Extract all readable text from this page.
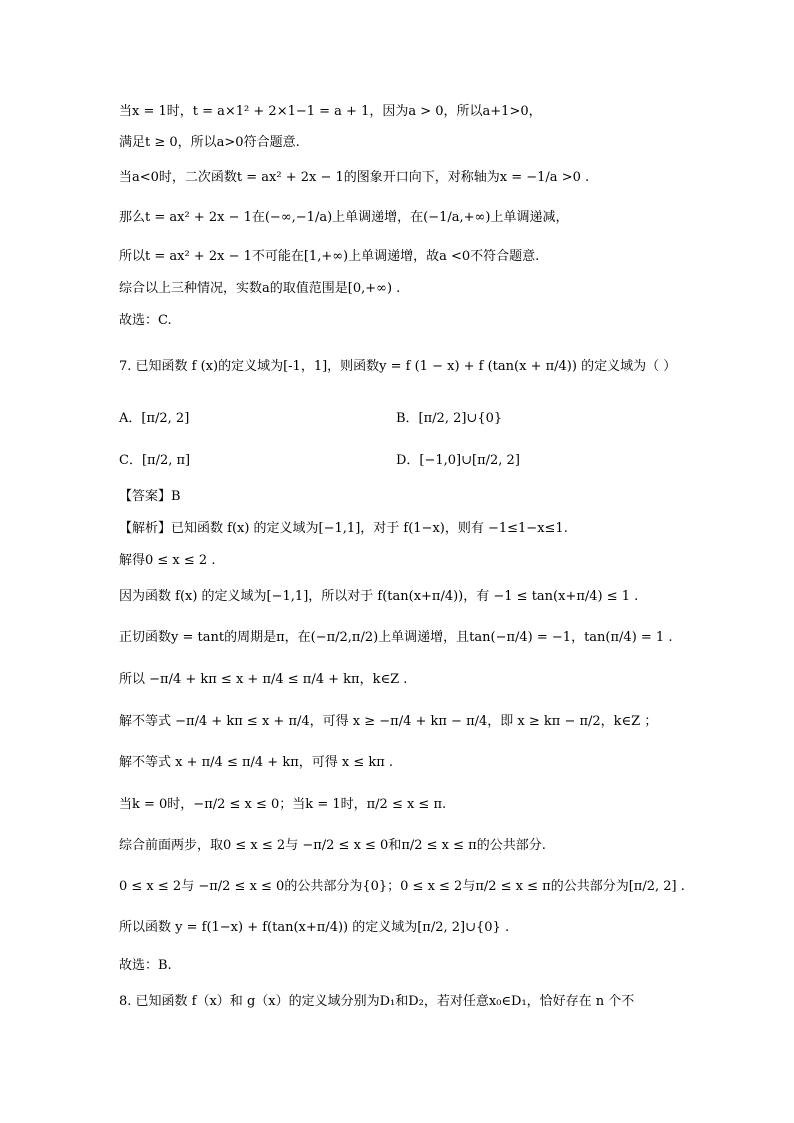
当x = 1时，t = a×1² + 2×1−1 = a + 1，因为a > 0，所以a+1>0，
满足t ≥ 0，所以a>0符合题意.
当a<0时，二次函数t = ax² + 2x − 1的图象开口向下，对称轴为x = −1/a >0 .
那么t = ax² + 2x − 1在(−∞,−1/a)上单调递增，在(−1/a,+∞)上单调递减，
所以t = ax² + 2x − 1不可能在[1,+∞)上单调递增，故a <0不符合题意.
综合以上三种情况，实数a的取值范围是[0,+∞) .
故选：C.
7. 已知函数 f (x)的定义域为[-1，1]，则函数y = f (1 − x) + f (tan(x + π/4)) 的定义域为（ ）
A．[π/2, 2]	B．[π/2, 2]∪{0}
C．[π/2, π]	D．[−1,0]∪[π/2, 2]
【答案】B
【解析】已知函数 f(x) 的定义域为[−1,1]，对于 f(1−x)，则有 −1≤1−x≤1.
解得0 ≤ x ≤ 2 .
因为函数 f(x) 的定义域为[−1,1]，所以对于 f(tan(x+π/4))，有 −1 ≤ tan(x+π/4) ≤ 1 .
正切函数y = tant的周期是π，在(−π/2,π/2)上单调递增，且tan(−π/4) = −1，tan(π/4) = 1 .
所以 −π/4 + kπ ≤ x + π/4 ≤ π/4 + kπ，k∈Z .
解不等式 −π/4 + kπ ≤ x + π/4，可得 x ≥ −π/4 + kπ − π/4，即 x ≥ kπ − π/2，k∈Z ；
解不等式 x + π/4 ≤ π/4 + kπ，可得 x ≤ kπ .
当k = 0时，−π/2 ≤ x ≤ 0；当k = 1时，π/2 ≤ x ≤ π.
综合前面两步，取0 ≤ x ≤ 2与 −π/2 ≤ x ≤ 0和π/2 ≤ x ≤ π的公共部分.
0 ≤ x ≤ 2与 −π/2 ≤ x ≤ 0的公共部分为{0}；0 ≤ x ≤ 2与π/2 ≤ x ≤ π的公共部分为[π/2, 2] .
所以函数 y = f(1−x) + f(tan(x+π/4)) 的定义域为[π/2, 2]∪{0} .
故选：B.
8. 已知函数 f（x）和 g（x）的定义域分别为D₁和D₂，若对任意x₀∈D₁，恰好存在 n 个不
